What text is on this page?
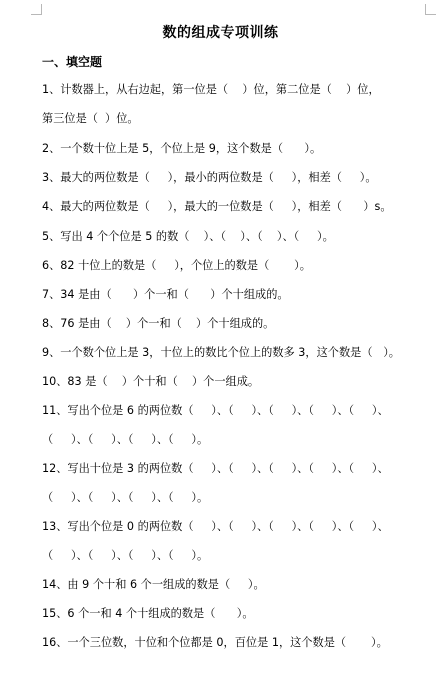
数的组成专项训练
一、填空题
1、计数器上，从右边起，第一位是（    ）位，第二位是（    ）位，
第三位是（  ）位。
2、一个数十位上是 5，个位上是 9，这个数是（      ）。
3、最大的两位数是（     ），最小的两位数是（     ），相差（     ）。
4、最大的两位数是（     ），最大的一位数是（     ），相差（      ）s。
5、写出 4 个个位是 5 的数（    ）、（    ）、（    ）、（     ）。
6、82 十位上的数是（     ），个位上的数是（       ）。
7、34 是由（      ）个一和（      ）个十组成的。
8、76 是由（    ）个一和（    ）个十组成的。
9、一个数个位上是 3，十位上的数比个位上的数多 3，这个数是（   ）。
10、83 是（    ）个十和（    ）个一组成。
11、写出个位是 6 的两位数（     ）、（     ）、（     ）、（     ）、（     ）、
（     ）、（     ）、（     ）、（     ）。
12、写出十位是 3 的两位数（     ）、（     ）、（     ）、（     ）、（     ）、
（     ）、（     ）、（     ）、（     ）。
13、写出个位是 0 的两位数（     ）、（     ）、（     ）、（     ）、（     ）、
（     ）、（     ）、（     ）、（     ）。
14、由 9 个十和 6 个一组成的数是（     ）。
15、6 个一和 4 个十组成的数是（      ）。
16、一个三位数，十位和个位都是 0，百位是 1，这个数是（       ）。
